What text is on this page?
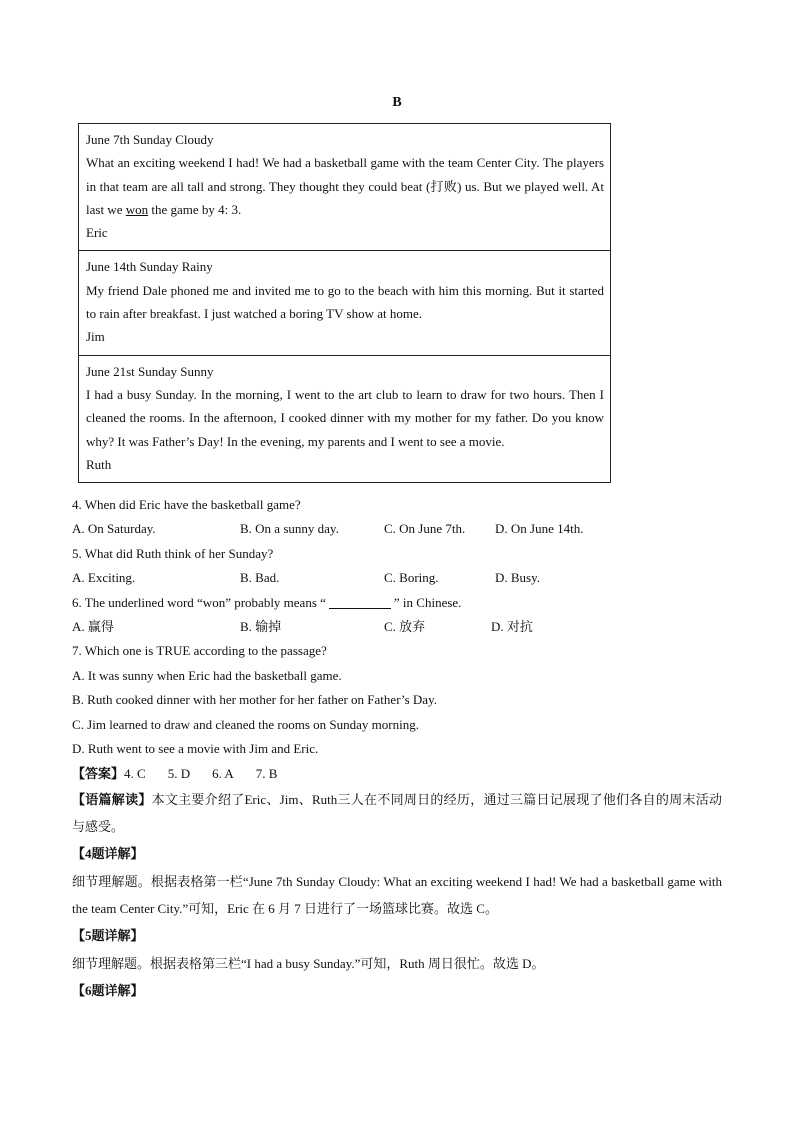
B

June 7th Sunday Cloudy

What an exciting weekend I had! We had a basketball game with the team Center City. The players in that team are all tall and strong. They thought they could beat (打败) us. But we played well. At last we won the game by 4: 3.

Eric

June 14th Sunday Rainy

My friend Dale phoned me and invited me to go to the beach with him this morning. But it started to rain after breakfast. I just watched a boring TV show at home.

Jim

June 21st Sunday Sunny

I had a busy Sunday. In the morning, I went to the art club to learn to draw for two hours. Then I cleaned the rooms. In the afternoon, I cooked dinner with my mother for my father. Do you know why? It was Father’s Day! In the evening, my parents and I went to see a movie.

Ruth

4. When did Eric have the basketball game?
A. On Saturday.	B. On a sunny day.	C. On June 7th.	D. On June 14th.
5. What did Ruth think of her Sunday?
A. Exciting.	B. Bad.	C. Boring.	D. Busy.
6. The underlined word “won” probably means “	” in Chinese.
A. 赢得	B. 输掉	C. 放弃	D. 对抗
7. Which one is TRUE according to the passage?
A. It was sunny when Eric had the basketball game.
B. Ruth cooked dinner with her mother for her father on Father’s Day.
C. Jim learned to draw and cleaned the rooms on Sunday morning.
D. Ruth went to see a movie with Jim and Eric.
【答案】4. C 5. D 6. A 7. B
【语篇解读】本文主要介绍了Eric、Jim、Ruth三人在不同周日的经历，通过三篇日记展现了他们各自的周末活动与感受。
【4题详解】
细节理解题。根据表格第一栏“June 7th Sunday Cloudy: What an exciting weekend I had! We had a basketball game with the team Center City.”可知，Eric 在 6 月 7 日进行了一场篮球比赛。故选 C。
【5题详解】
细节理解题。根据表格第三栏“I had a busy Sunday.”可知，Ruth 周日很忙。故选 D。
【6题详解】
